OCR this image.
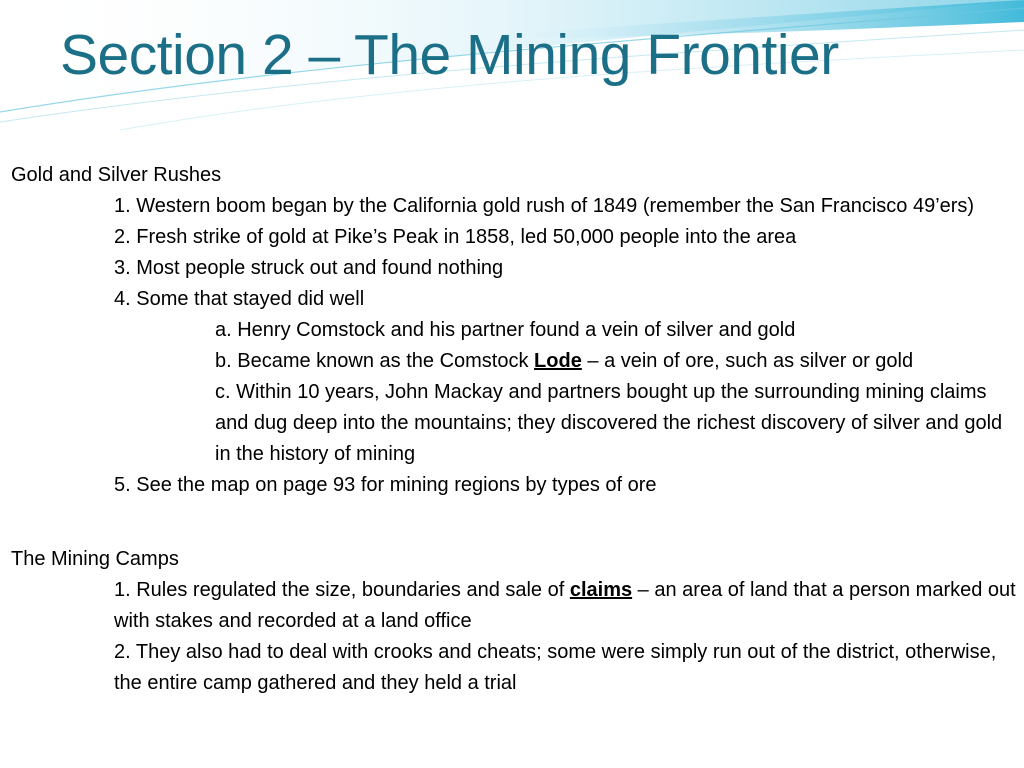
Section 2 – The Mining Frontier

Gold and Silver Rushes

1. Western boom began by the California gold rush of 1849 (remember the San Francisco 49’ers)

2. Fresh strike of gold at Pike’s Peak in 1858, led 50,000 people into the area

3. Most people struck out and found nothing

4. Some that stayed did well

a. Henry Comstock and his partner found a vein of silver and gold

b. Became known as the Comstock Lode – a vein of ore, such as silver or gold

c. Within 10 years, John Mackay and partners bought up the surrounding mining claims and dug deep into the mountains; they discovered the richest discovery of silver and gold in the history of mining

5. See the map on page 93 for mining regions by types of ore

The Mining Camps

1. Rules regulated the size, boundaries and sale of claims – an area of land that a person marked out with stakes and recorded at a land office

2. They also had to deal with crooks and cheats; some were simply run out of the district, otherwise, the entire camp gathered and they held a trial
